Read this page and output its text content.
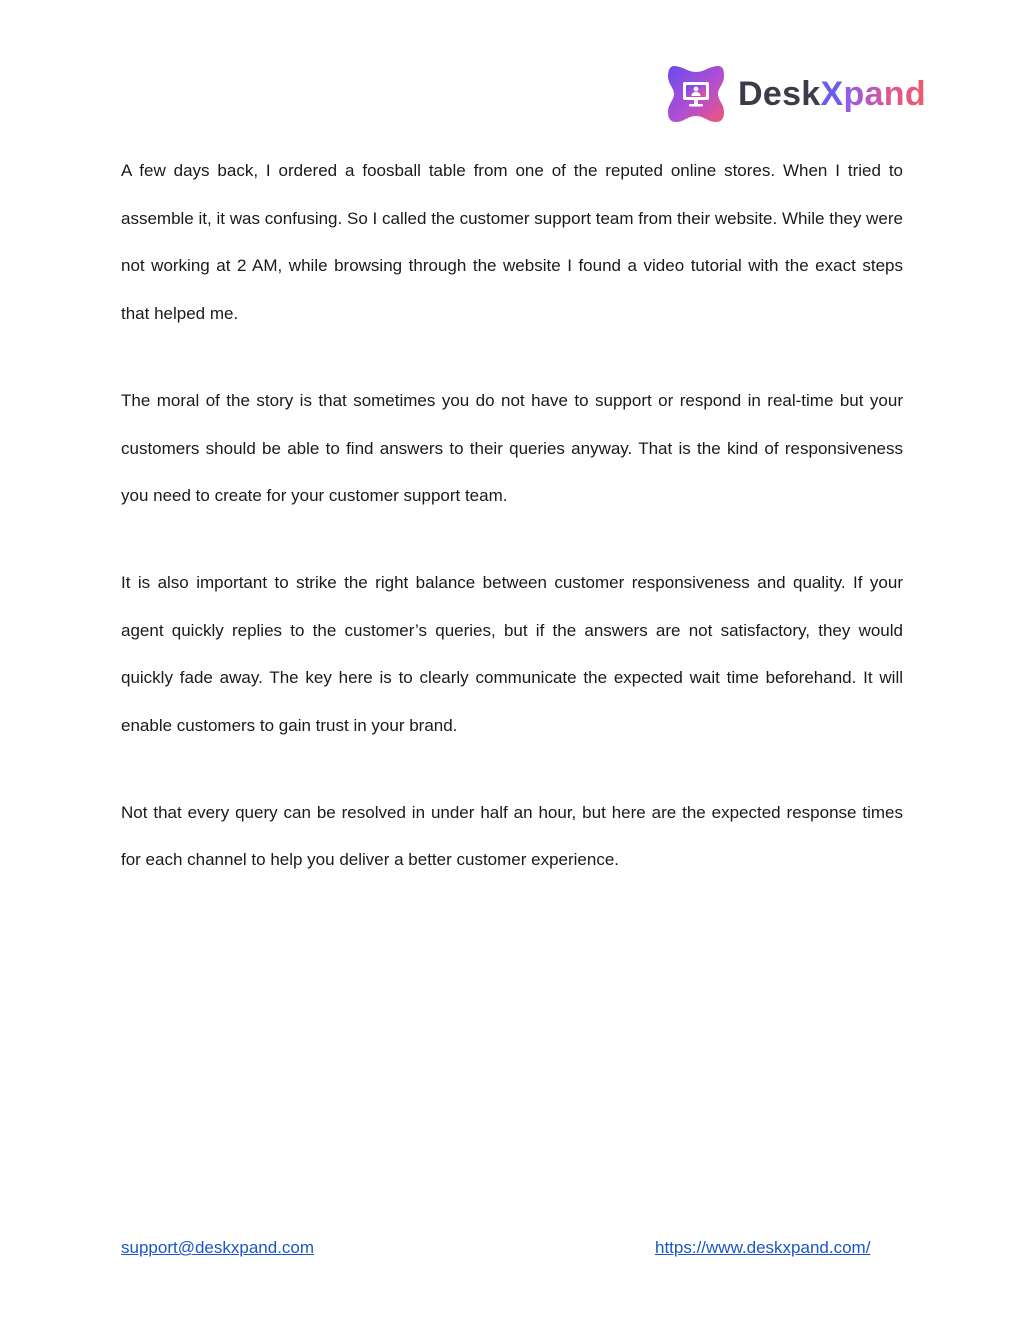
DeskXpand

A few days back, I ordered a foosball table from one of the reputed online stores. When I tried to assemble it, it was confusing. So I called the customer support team from their website. While they were not working at 2 AM, while browsing through the website I found a video tutorial with the exact steps that helped me.

The moral of the story is that sometimes you do not have to support or respond in real-time but your customers should be able to find answers to their queries anyway. That is the kind of responsiveness you need to create for your customer support team.

It is also important to strike the right balance between customer responsiveness and quality. If your agent quickly replies to the customer’s queries, but if the answers are not satisfactory, they would quickly fade away. The key here is to clearly communicate the expected wait time beforehand. It will enable customers to gain trust in your brand.

Not that every query can be resolved in under half an hour, but here are the expected response times for each channel to help you deliver a better customer experience.

support@deskxpand.com	https://www.deskxpand.com/
